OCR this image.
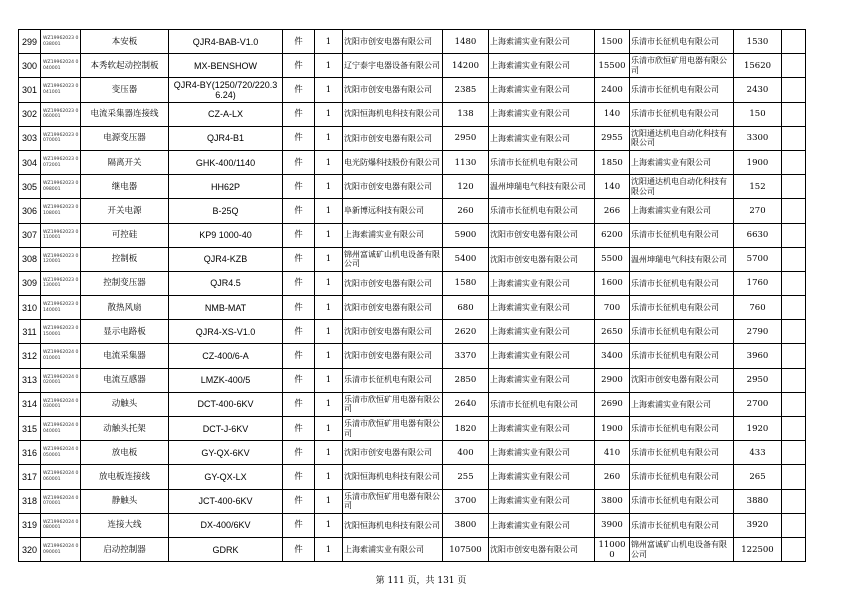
299	WZ19962023 0038001	本安板	QJR4-BAB-V1.0	件	1	沈阳市创安电器有限公司	1480	上海索浦实业有限公司	1500	乐清市长征机电有限公司	1530	
300	WZ19962024 0040001	本秀软起动控制板	MX-BENSHOW	件	1	辽宁泰宇电器设备有限公司	14200	上海索浦实业有限公司	15500	乐清市欣恒矿用电器有限公司	15620	
301	WZ19962023 0041001	变压器	QJR4-BY(1250/720/220.36.24)	件	1	沈阳市创安电器有限公司	2385	上海索浦实业有限公司	2400	乐清市长征机电有限公司	2430	
302	WZ19962023 0060001	电流采集器连接线	CZ-A-LX	件	1	沈阳恒海机电科技有限公司	138	上海索浦实业有限公司	140	乐清市长征机电有限公司	150	
303	WZ19962023 0070001	电源变压器	QJR4-B1	件	1	沈阳市创安电器有限公司	2950	上海索浦实业有限公司	2955	沈阳通达机电自动化科技有限公司	3300	
304	WZ19962023 0072001	隔离开关	GHK-400/1140	件	1	电光防爆科技股份有限公司	1130	乐清市长征机电有限公司	1850	上海索浦实业有限公司	1900	
305	WZ19962023 0098001	继电器	HH62P	件	1	沈阳市创安电器有限公司	120	温州坤瑞电气科技有限公司	140	沈阳通达机电自动化科技有限公司	152	
306	WZ19962023 0108001	开关电源	B-25Q	件	1	阜新博远科技有限公司	260	乐清市长征机电有限公司	266	上海索浦实业有限公司	270	
307	WZ19962023 0110001	可控硅	KP9 1000-40	件	1	上海索浦实业有限公司	5900	沈阳市创安电器有限公司	6200	乐清市长征机电有限公司	6630	
308	WZ19962023 0120001	控制板	QJR4-KZB	件	1	锦州富诚矿山机电设备有限公司	5400	沈阳市创安电器有限公司	5500	温州坤瑞电气科技有限公司	5700	
309	WZ19962023 0130001	控制变压器	QJR4.5	件	1	沈阳市创安电器有限公司	1580	上海索浦实业有限公司	1600	乐清市长征机电有限公司	1760	
310	WZ19962023 0140001	散热风扇	NMB-MAT	件	1	沈阳市创安电器有限公司	680	上海索浦实业有限公司	700	乐清市长征机电有限公司	760	
311	WZ19962023 0150001	显示电路板	QJR4-XS-V1.0	件	1	沈阳市创安电器有限公司	2620	上海索浦实业有限公司	2650	乐清市长征机电有限公司	2790	
312	WZ19962024 0010001	电流采集器	CZ-400/6-A	件	1	沈阳市创安电器有限公司	3370	上海索浦实业有限公司	3400	乐清市长征机电有限公司	3960	
313	WZ19962024 0020001	电流互感器	LMZK-400/5	件	1	乐清市长征机电有限公司	2850	上海索浦实业有限公司	2900	沈阳市创安电器有限公司	2950	
314	WZ19962024 0030001	动触头	DCT-400-6KV	件	1	乐清市欣恒矿用电器有限公司	2640	乐清市长征机电有限公司	2690	上海索浦实业有限公司	2700	
315	WZ19962024 0040001	动触头托架	DCT-J-6KV	件	1	乐清市欣恒矿用电器有限公司	1820	上海索浦实业有限公司	1900	乐清市长征机电有限公司	1920	
316	WZ19962024 0050001	放电板	GY-QX-6KV	件	1	沈阳市创安电器有限公司	400	上海索浦实业有限公司	410	乐清市长征机电有限公司	433	
317	WZ19962024 0060001	放电板连接线	GY-QX-LX	件	1	沈阳恒海机电科技有限公司	255	上海索浦实业有限公司	260	乐清市长征机电有限公司	265	
318	WZ19962024 0070001	静触头	JCT-400-6KV	件	1	乐清市欣恒矿用电器有限公司	3700	上海索浦实业有限公司	3800	乐清市长征机电有限公司	3880	
319	WZ19962024 0080001	连接大线	DX-400/6KV	件	1	沈阳恒海机电科技有限公司	3800	上海索浦实业有限公司	3900	乐清市长征机电有限公司	3920	
320	WZ19962024 0090001	启动控制器	GDRK	件	1	上海索浦实业有限公司	107500	沈阳市创安电器有限公司	110000	锦州富诚矿山机电设备有限公司	122500	
第 111 页，共 131 页
